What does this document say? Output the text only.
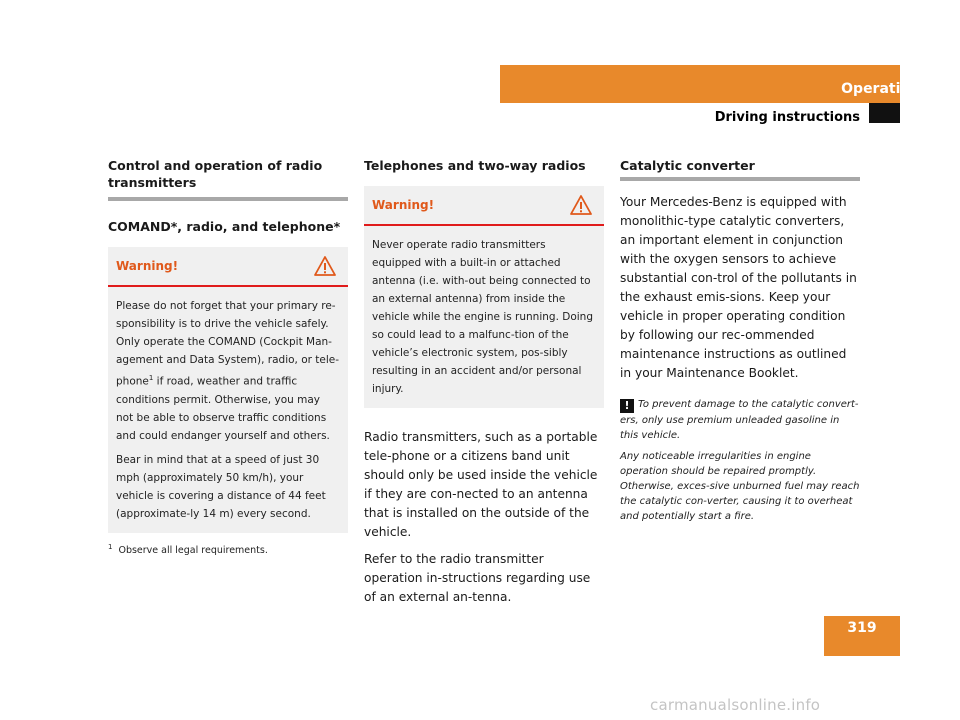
Operation
Driving instructions
Control and operation of radio transmitters
COMAND*, radio, and telephone*
Warning!

Please do not forget that your primary re-sponsibility is to drive the vehicle safely. Only operate the COMAND (Cockpit Man-agement and Data System), radio, or tele-phone$^1$ if road, weather and traffic conditions permit. Otherwise, you may not be able to observe traffic conditions and could endanger yourself and others.

Bear in mind that at a speed of just 30 mph (approximately 50 km/h), your vehicle is covering a distance of 44 feet (approximate-ly 14 m) every second.

$^1$ Observe all legal requirements.
Telephones and two-way radios
Warning!

Never operate radio transmitters equipped with a built-in or attached antenna (i.e. with-out being connected to an external antenna) from inside the vehicle while the engine is running. Doing so could lead to a malfunc-tion of the vehicle’s electronic system, pos-sibly resulting in an accident and/or personal injury.

Radio transmitters, such as a portable tele-phone or a citizens band unit should only be used inside the vehicle if they are con-nected to an antenna that is installed on the outside of the vehicle.

Refer to the radio transmitter operation in-structions regarding use of an external an-tenna.

Catalytic converter

Your Mercedes-Benz is equipped with monolithic-type catalytic converters, an important element in conjunction with the oxygen sensors to achieve substantial con-trol of the pollutants in the exhaust emis-sions. Keep your vehicle in proper operating condition by following our rec-ommended maintenance instructions as outlined in your Maintenance Booklet.

! To prevent damage to the catalytic convert-ers, only use premium unleaded gasoline in this vehicle.

Any noticeable irregularities in engine operation should be repaired promptly. Otherwise, exces-sive unburned fuel may reach the catalytic con-verter, causing it to overheat and potentially start a fire.

319
carmanualsonline.info
